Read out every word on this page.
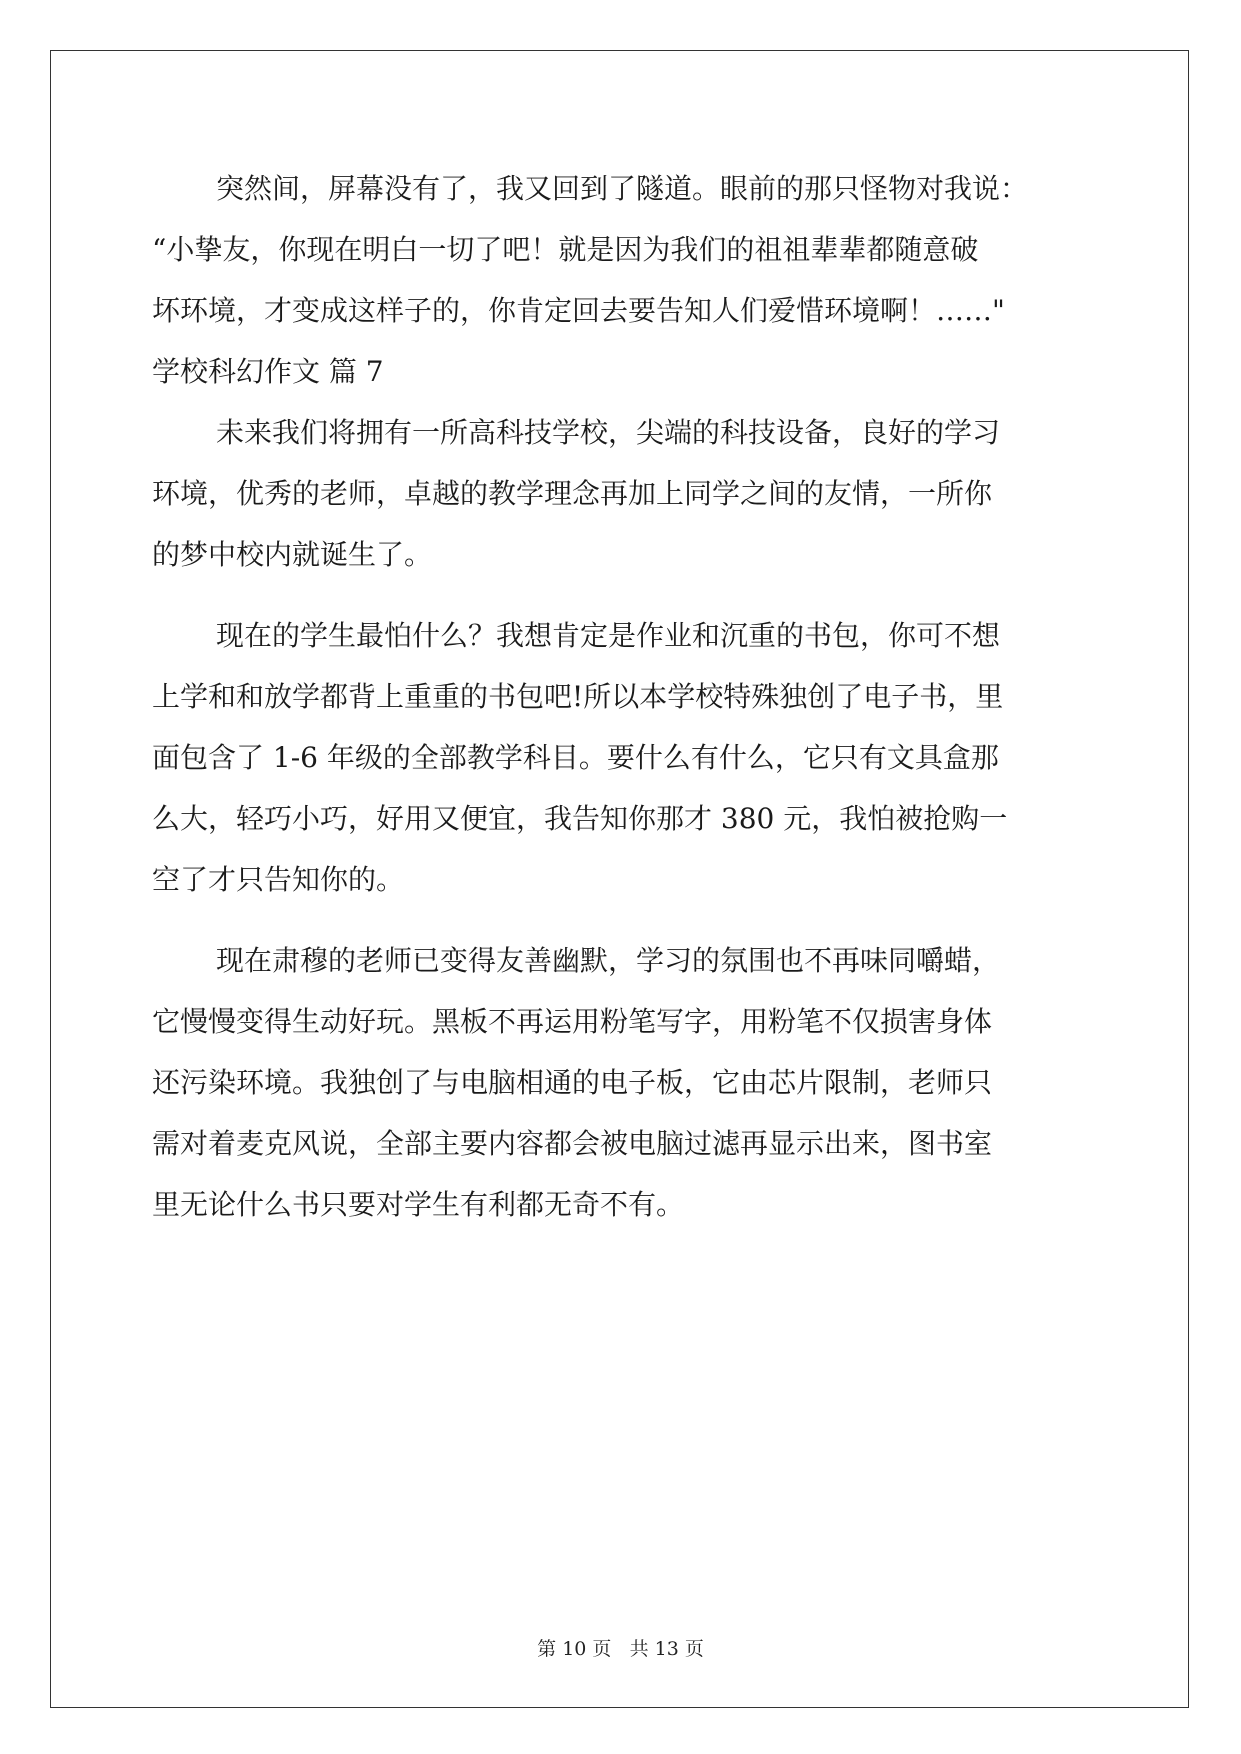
突然间，屏幕没有了，我又回到了隧道。眼前的那只怪物对我说：
“小挚友，你现在明白一切了吧！就是因为我们的祖祖辈辈都随意破
坏环境，才变成这样子的，你肯定回去要告知人们爱惜环境啊！……"
学校科幻作文 篇 7
未来我们将拥有一所高科技学校，尖端的科技设备，良好的学习
环境，优秀的老师，卓越的教学理念再加上同学之间的友情，一所你
的梦中校内就诞生了。
现在的学生最怕什么？我想肯定是作业和沉重的书包，你可不想
上学和和放学都背上重重的书包吧!所以本学校特殊独创了电子书，里
面包含了 1-6 年级的全部教学科目。要什么有什么，它只有文具盒那
么大，轻巧小巧，好用又便宜，我告知你那才 380 元，我怕被抢购一
空了才只告知你的。
现在肃穆的老师已变得友善幽默，学习的氛围也不再味同嚼蜡，
它慢慢变得生动好玩。黑板不再运用粉笔写字，用粉笔不仅损害身体
还污染环境。我独创了与电脑相通的电子板，它由芯片限制，老师只
需对着麦克风说，全部主要内容都会被电脑过滤再显示出来，图书室
里无论什么书只要对学生有利都无奇不有。
第 10 页 共 13 页
